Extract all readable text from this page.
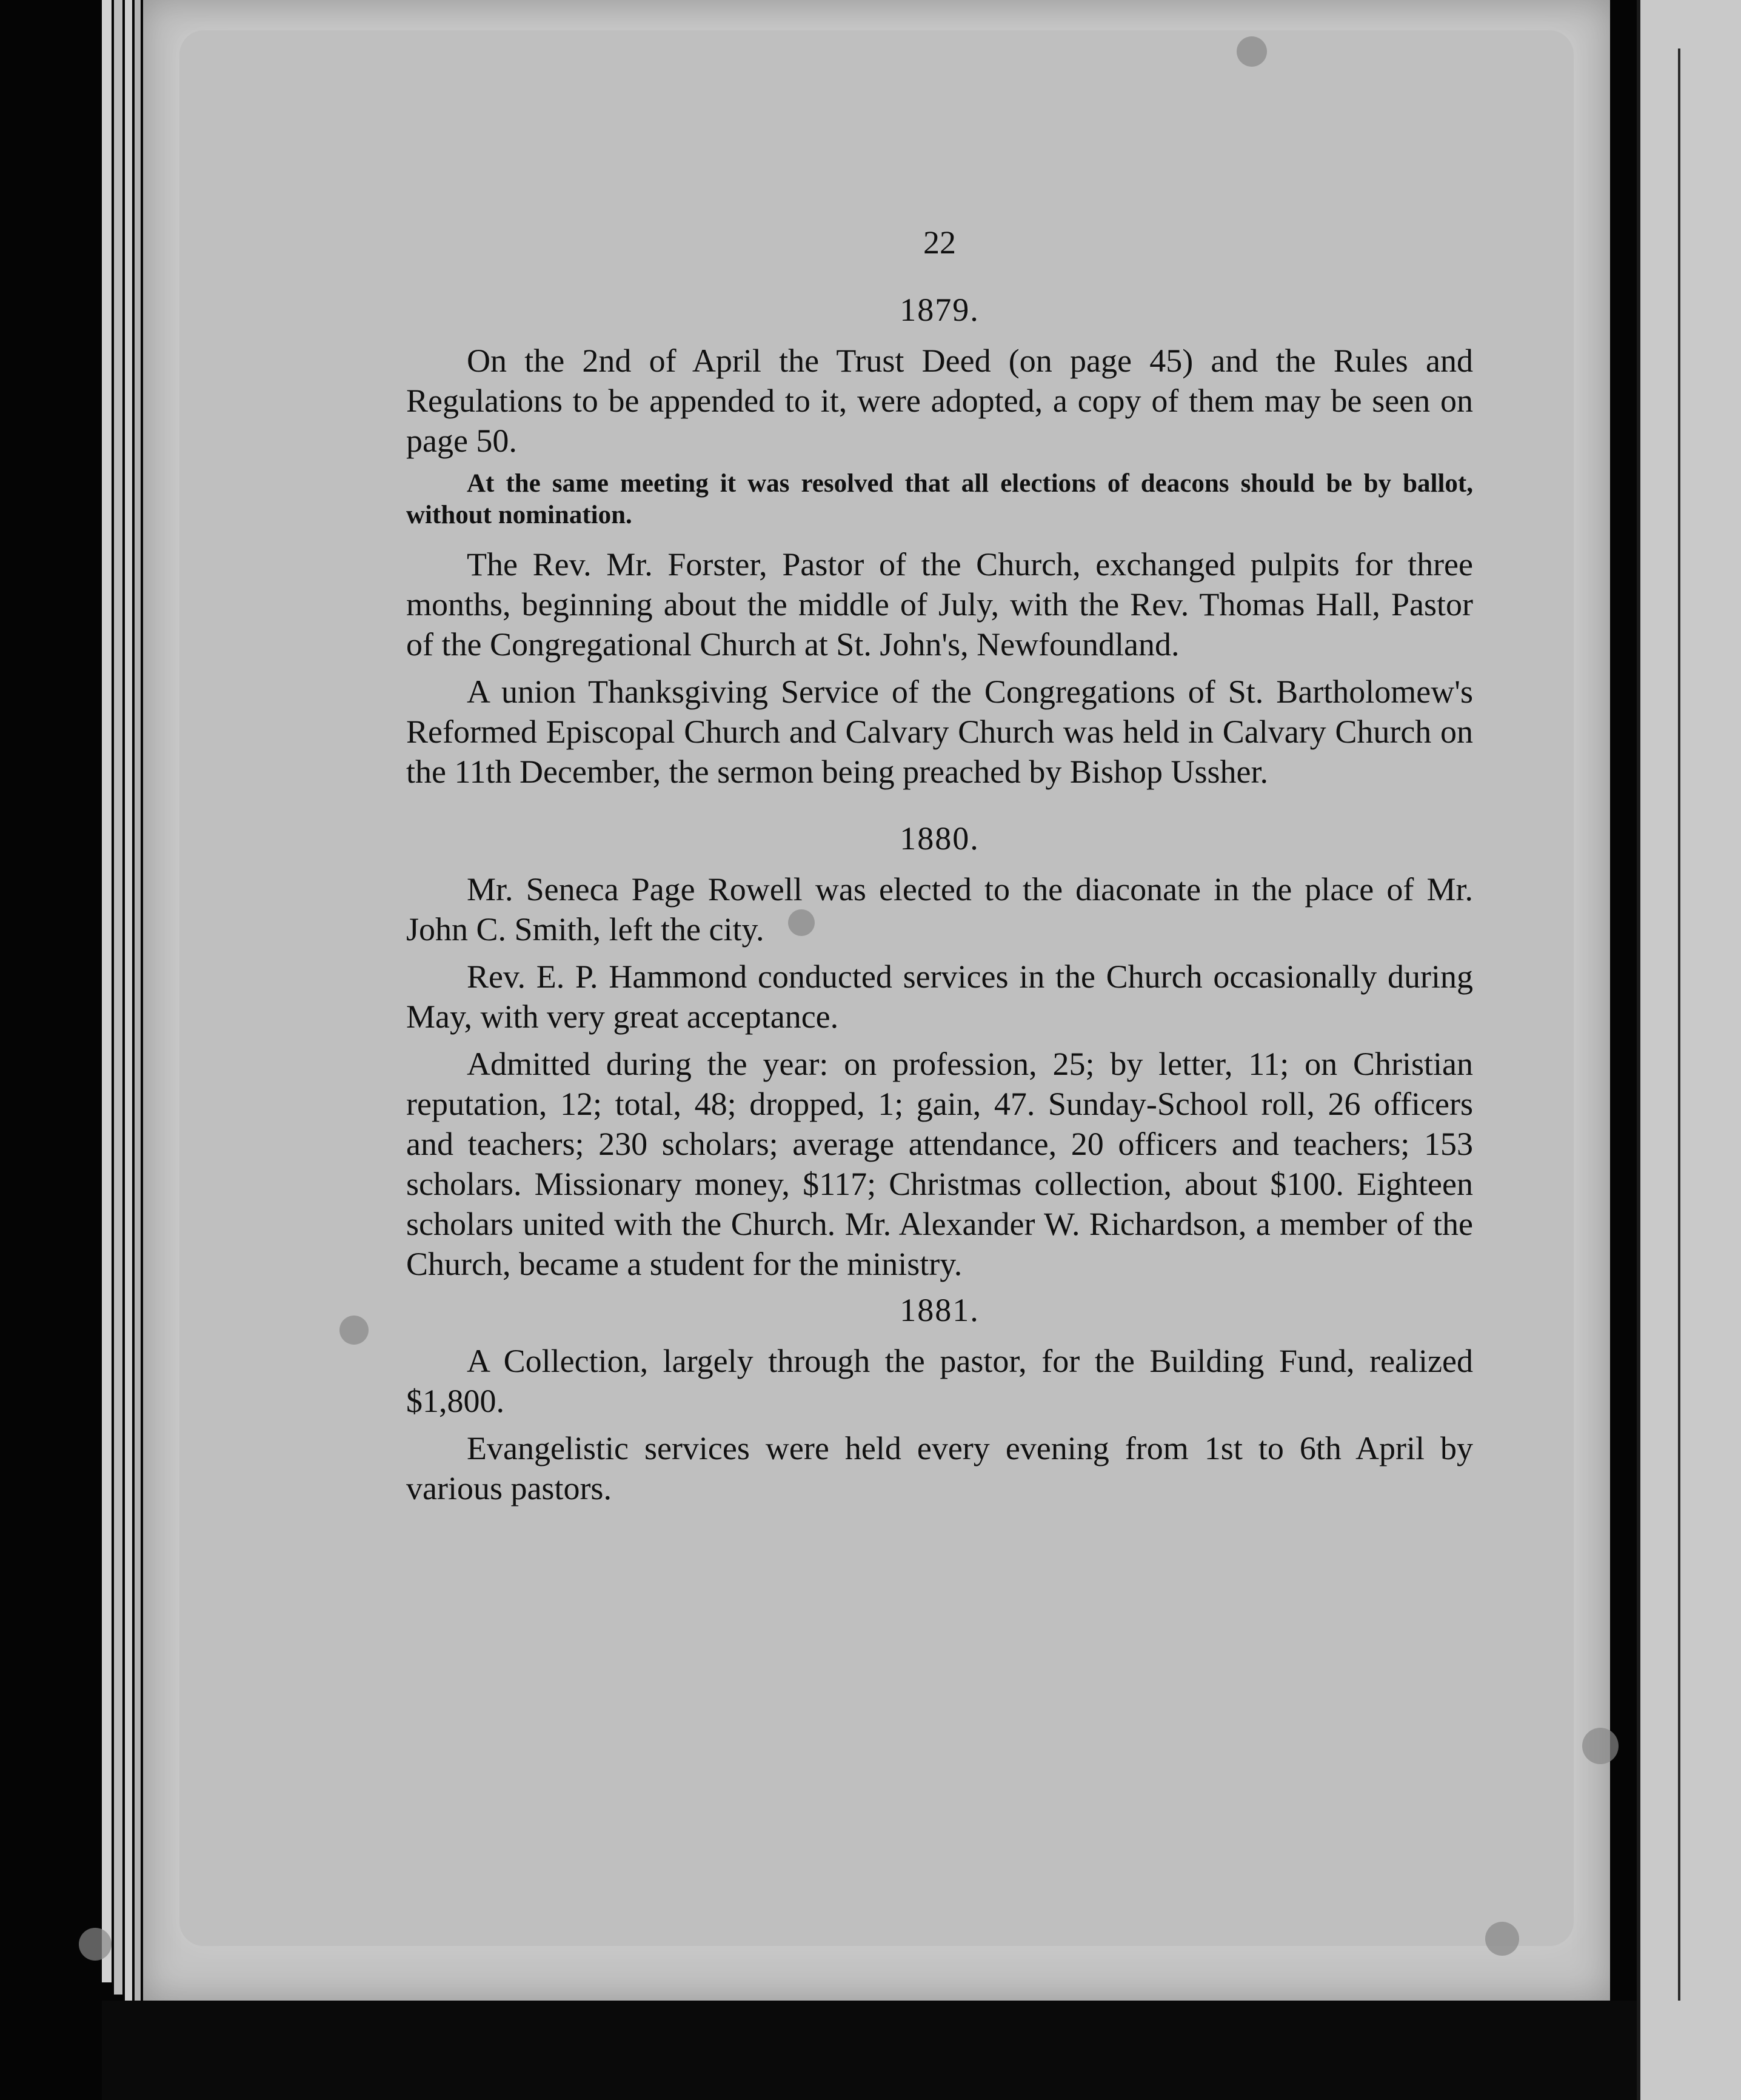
22
1879.

On the 2nd of April the Trust Deed (on page 45) and the Rules and Regulations to be appended to it, were adopted, a copy of them may be seen on page 50.

At the same meeting it was resolved that all elections of deacons should be by ballot, without nomination.

The Rev. Mr. Forster, Pastor of the Church, exchanged pulpits for three months, beginning about the middle of July, with the Rev. Thomas Hall, Pastor of the Congregational Church at St. John's, Newfoundland.

A union Thanksgiving Service of the Congregations of St. Bartholomew's Reformed Episcopal Church and Calvary Church was held in Calvary Church on the 11th December, the sermon being preached by Bishop Ussher.

1880.

Mr. Seneca Page Rowell was elected to the diaconate in the place of Mr. John C. Smith, left the city.

Rev. E. P. Hammond conducted services in the Church occasionally during May, with very great acceptance.

Admitted during the year: on profession, 25; by letter, 11; on Christian reputation, 12; total, 48; dropped, 1; gain, 47. Sunday-School roll, 26 officers and teachers; 230 scholars; average attendance, 20 officers and teachers; 153 scholars. Missionary money, $117; Christmas collection, about $100. Eighteen scholars united with the Church. Mr. Alexander W. Richardson, a member of the Church, became a student for the ministry.

1881.

A Collection, largely through the pastor, for the Building Fund, realized $1,800.

Evangelistic services were held every evening from 1st to 6th April by various pastors.
